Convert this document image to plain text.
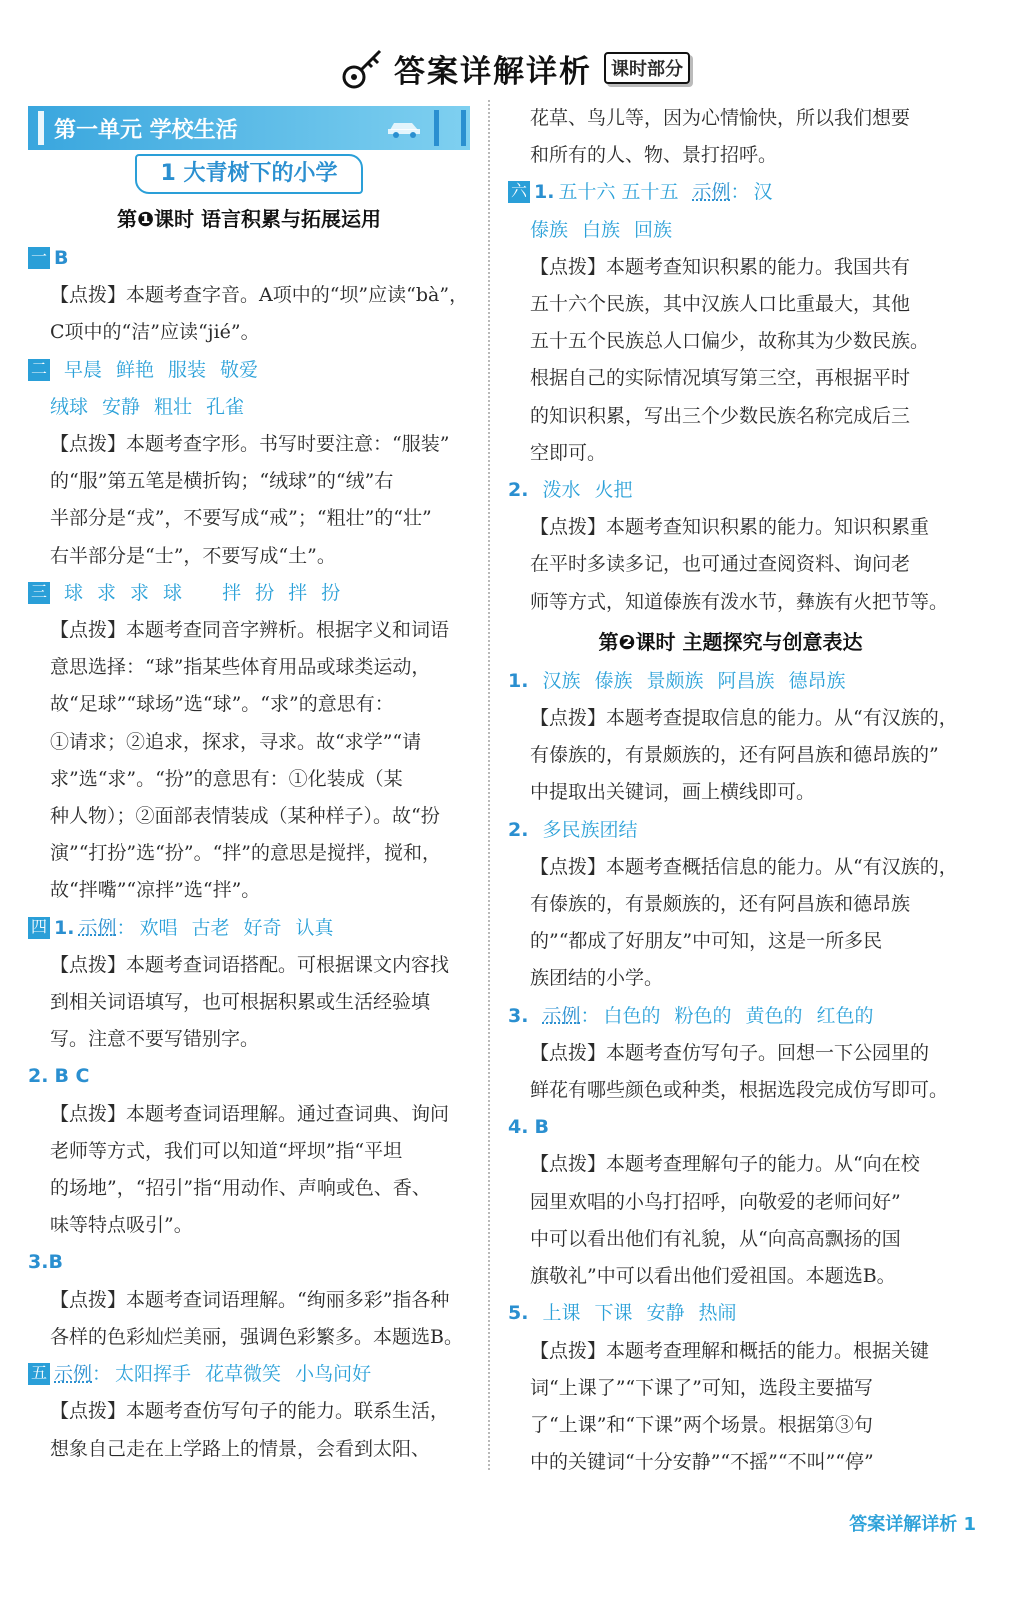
答案详解详析	课时部分
第一单元 学校生活
1 大青树下的小学
第❶课时 语言积累与拓展运用
一 B
【点拨】本题考查字音。A项中的“坝”应读“bà”，
C项中的“洁”应读“jié”。
二 早晨 鲜艳 服装 敬爱
绒球 安静 粗壮 孔雀
【点拨】本题考查字形。书写时要注意：“服装”
的“服”第五笔是横折钩；“绒球”的“绒”右
半部分是“戎”，不要写成“戒”；“粗壮”的“壮”
右半部分是“士”，不要写成“土”。
三 球 求 求 球 拌 扮 拌 扮
【点拨】本题考查同音字辨析。根据字义和词语
意思选择：“球”指某些体育用品或球类运动，
故“足球”“球场”选“球”。“求”的意思有：
①请求；②追求，探求，寻求。故“求学”“请
求”选“求”。“扮”的意思有：①化装成（某
种人物）；②面部表情装成（某种样子）。故“扮
演”“打扮”选“扮”。“拌”的意思是搅拌，搅和，
故“拌嘴”“凉拌”选“拌”。
四 1. 示例： 欢唱 古老 好奇 认真
【点拨】本题考查词语搭配。可根据课文内容找
到相关词语填写，也可根据积累或生活经验填
写。注意不要写错别字。
2. B C
【点拨】本题考查词语理解。通过查词典、询问
老师等方式，我们可以知道“坪坝”指“平坦
的场地”，“招引”指“用动作、声响或色、香、
味等特点吸引”。
3.B
【点拨】本题考查词语理解。“绚丽多彩”指各种
各样的色彩灿烂美丽，强调色彩繁多。本题选B。
五 示例： 太阳挥手 花草微笑 小鸟问好
【点拨】本题考查仿写句子的能力。联系生活，
想象自己走在上学路上的情景，会看到太阳、
花草、鸟儿等，因为心情愉快，所以我们想要
和所有的人、物、景打招呼。
六 1. 五十六 五十五 示例： 汉
傣族 白族 回族
【点拨】本题考查知识积累的能力。我国共有
五十六个民族，其中汉族人口比重最大，其他
五十五个民族总人口偏少，故称其为少数民族。
根据自己的实际情况填写第三空，再根据平时
的知识积累，写出三个少数民族名称完成后三
空即可。
2. 泼水 火把
【点拨】本题考查知识积累的能力。知识积累重
在平时多读多记，也可通过查阅资料、询问老
师等方式，知道傣族有泼水节，彝族有火把节等。
第❷课时 主题探究与创意表达
1. 汉族 傣族 景颇族 阿昌族 德昂族
【点拨】本题考查提取信息的能力。从“有汉族的，
有傣族的，有景颇族的，还有阿昌族和德昂族的”
中提取出关键词，画上横线即可。
2. 多民族团结
【点拨】本题考查概括信息的能力。从“有汉族的，
有傣族的，有景颇族的，还有阿昌族和德昂族
的”“都成了好朋友”中可知，这是一所多民
族团结的小学。
3. 示例： 白色的 粉色的 黄色的 红色的
【点拨】本题考查仿写句子。回想一下公园里的
鲜花有哪些颜色或种类，根据选段完成仿写即可。
4. B
【点拨】本题考查理解句子的能力。从“向在校
园里欢唱的小鸟打招呼，向敬爱的老师问好”
中可以看出他们有礼貌，从“向高高飘扬的国
旗敬礼”中可以看出他们爱祖国。本题选B。
5. 上课 下课 安静 热闹
【点拨】本题考查理解和概括的能力。根据关键
词“上课了”“下课了”可知，选段主要描写
了“上课”和“下课”两个场景。根据第③句
中的关键词“十分安静”“不摇”“不叫”“停”
答案详解详析 1
